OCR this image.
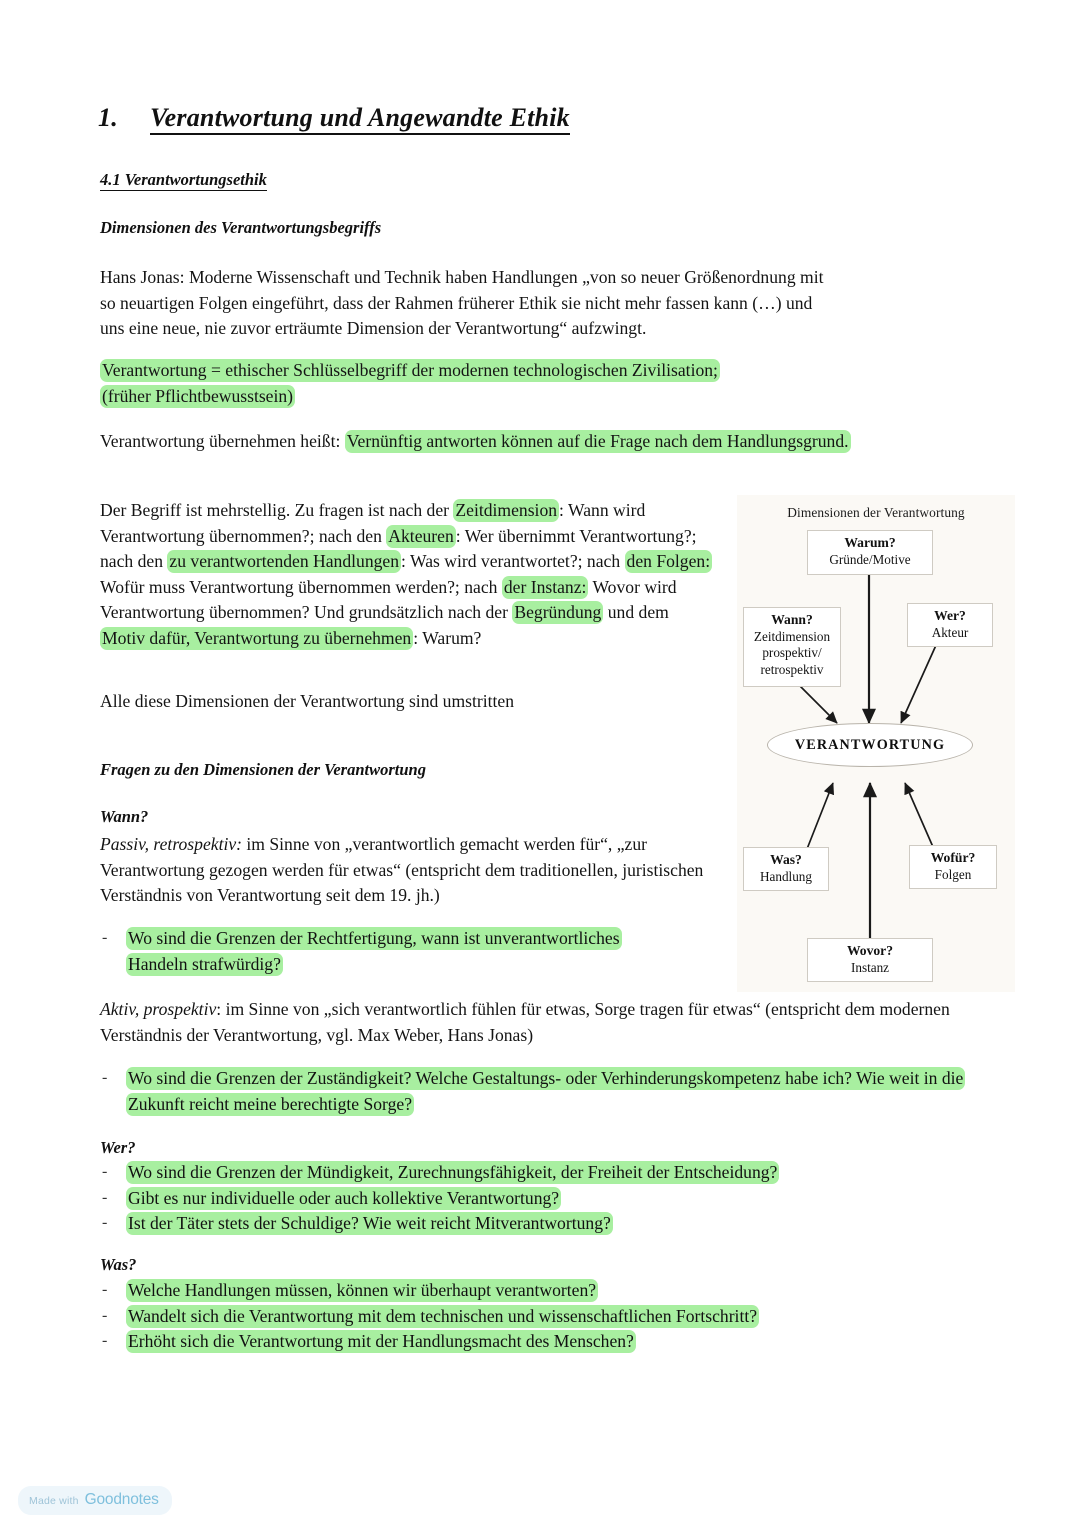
1. Verantwortung und Angewandte Ethik
4.1 Verantwortungsethik
Dimensionen des Verantwortungsbegriffs

Hans Jonas: Moderne Wissenschaft und Technik haben Handlungen „von so neuer Größenordnung mit

so neuartigen Folgen eingeführt, dass der Rahmen früherer Ethik sie nicht mehr fassen kann (…) und

uns eine neue, nie zuvor erträumte Dimension der Verantwortung“ aufzwingt.

Verantwortung = ethischer Schlüsselbegriff der modernen technologischen Zivilisation;

(früher Pflichtbewusstsein)

Verantwortung übernehmen heißt: Vernünftig antworten können auf die Frage nach dem Handlungsgrund.

Der Begriff ist mehrstellig. Zu fragen ist nach der Zeitdimension : Wann wird Verantwortung übernommen?; nach den Akteuren : Wer übernimmt Verantwortung?; nach den zu verantwortenden Handlungen : Was wird verantwortet?; nach den Folgen: Wofür muss Verantwortung übernommen werden?; nach der Instanz: Wovor wird Verantwortung übernommen? Und grundsätzlich nach der Begründung und dem Motiv dafür, Verantwortung zu übernehmen : Warum?

Alle diese Dimensionen der Verantwortung sind umstritten

Fragen zu den Dimensionen der Verantwortung
Wann?

Passiv, retrospektiv: im Sinne von „verantwortlich gemacht werden für“, „zur Verantwortung gezogen werden für etwas“ (entspricht dem traditionellen, juristischen Verständnis von Verantwortung seit dem 19. jh.)

- Wo sind die Grenzen der Rechtfertigung, wann ist unverantwortliches Handeln strafwürdig?

Aktiv, prospektiv: im Sinne von „sich verantwortlich fühlen für etwas, Sorge tragen für etwas“ (entspricht dem modernen Verständnis der Verantwortung, vgl. Max Weber, Hans Jonas)

- Wo sind die Grenzen der Zuständigkeit? Welche Gestaltungs- oder Verhinderungskompetenz habe ich? Wie weit in die Zukunft reicht meine berechtigte Sorge?
Wer?
- Wo sind die Grenzen der Mündigkeit, Zurechnungsfähigkeit, der Freiheit der Entscheidung?
- Gibt es nur individuelle oder auch kollektive Verantwortung?
- Ist der Täter stets der Schuldige? Wie weit reicht Mitverantwortung?
Was?
- Welche Handlungen müssen, können wir überhaupt verantworten?
- Wandelt sich die Verantwortung mit dem technischen und wissenschaftlichen Fortschritt?
- Erhöht sich die Verantwortung mit der Handlungsmacht des Menschen?
Dimensionen der Verantwortung
Warum?
Gründe/Motive
Wann?
Zeitdimension
prospektiv/
retrospektiv
Wer?
Akteur
VERANTWORTUNG
Was?
Handlung
Wofür?
Folgen
Wovor?
Instanz
Made with Goodnotes
